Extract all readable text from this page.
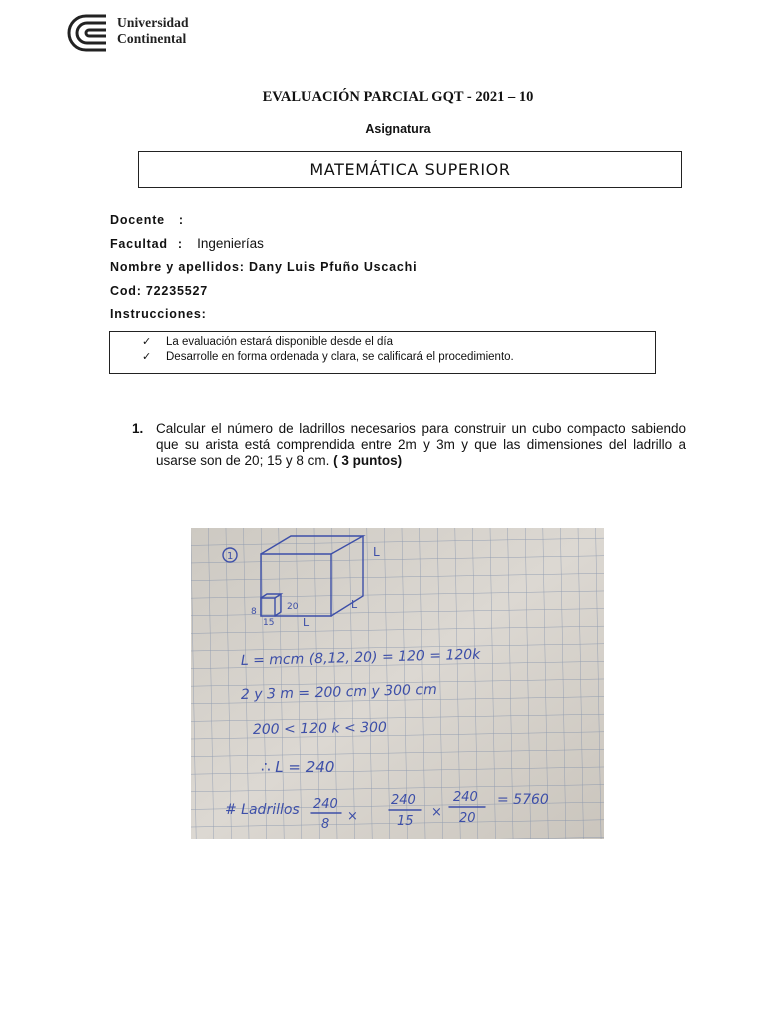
Universidad
Continental
EVALUACIÓN PARCIAL GQT - 2021 – 10
Asignatura
MATEMÁTICA SUPERIOR
Docente :
Facultad : Ingenierías
Nombre y apellidos: Dany Luis Pfuño Uscachi
Cod: 72235527
Instrucciones:
✓ La evaluación estará disponible desde el día
✓ Desarrolle en forma ordenada y clara, se calificará el procedimiento.
1. Calcular el número de ladrillos necesarios para construir un cubo compacto sabiendo que su arista está comprendida entre 2m y 3m y que las dimensiones del ladrillo a usarse son de 20; 15 y 8 cm. ( 3 puntos)
1	L
L
L
8	20
15
L = mcm (8,12, 20) = 120 = 120k
2 y 3 m = 200 cm y 300 cm
200 < 120 k < 300
∴ L = 240
# Ladrillos 240
8
×
240
15
×
240
20
= 5760
